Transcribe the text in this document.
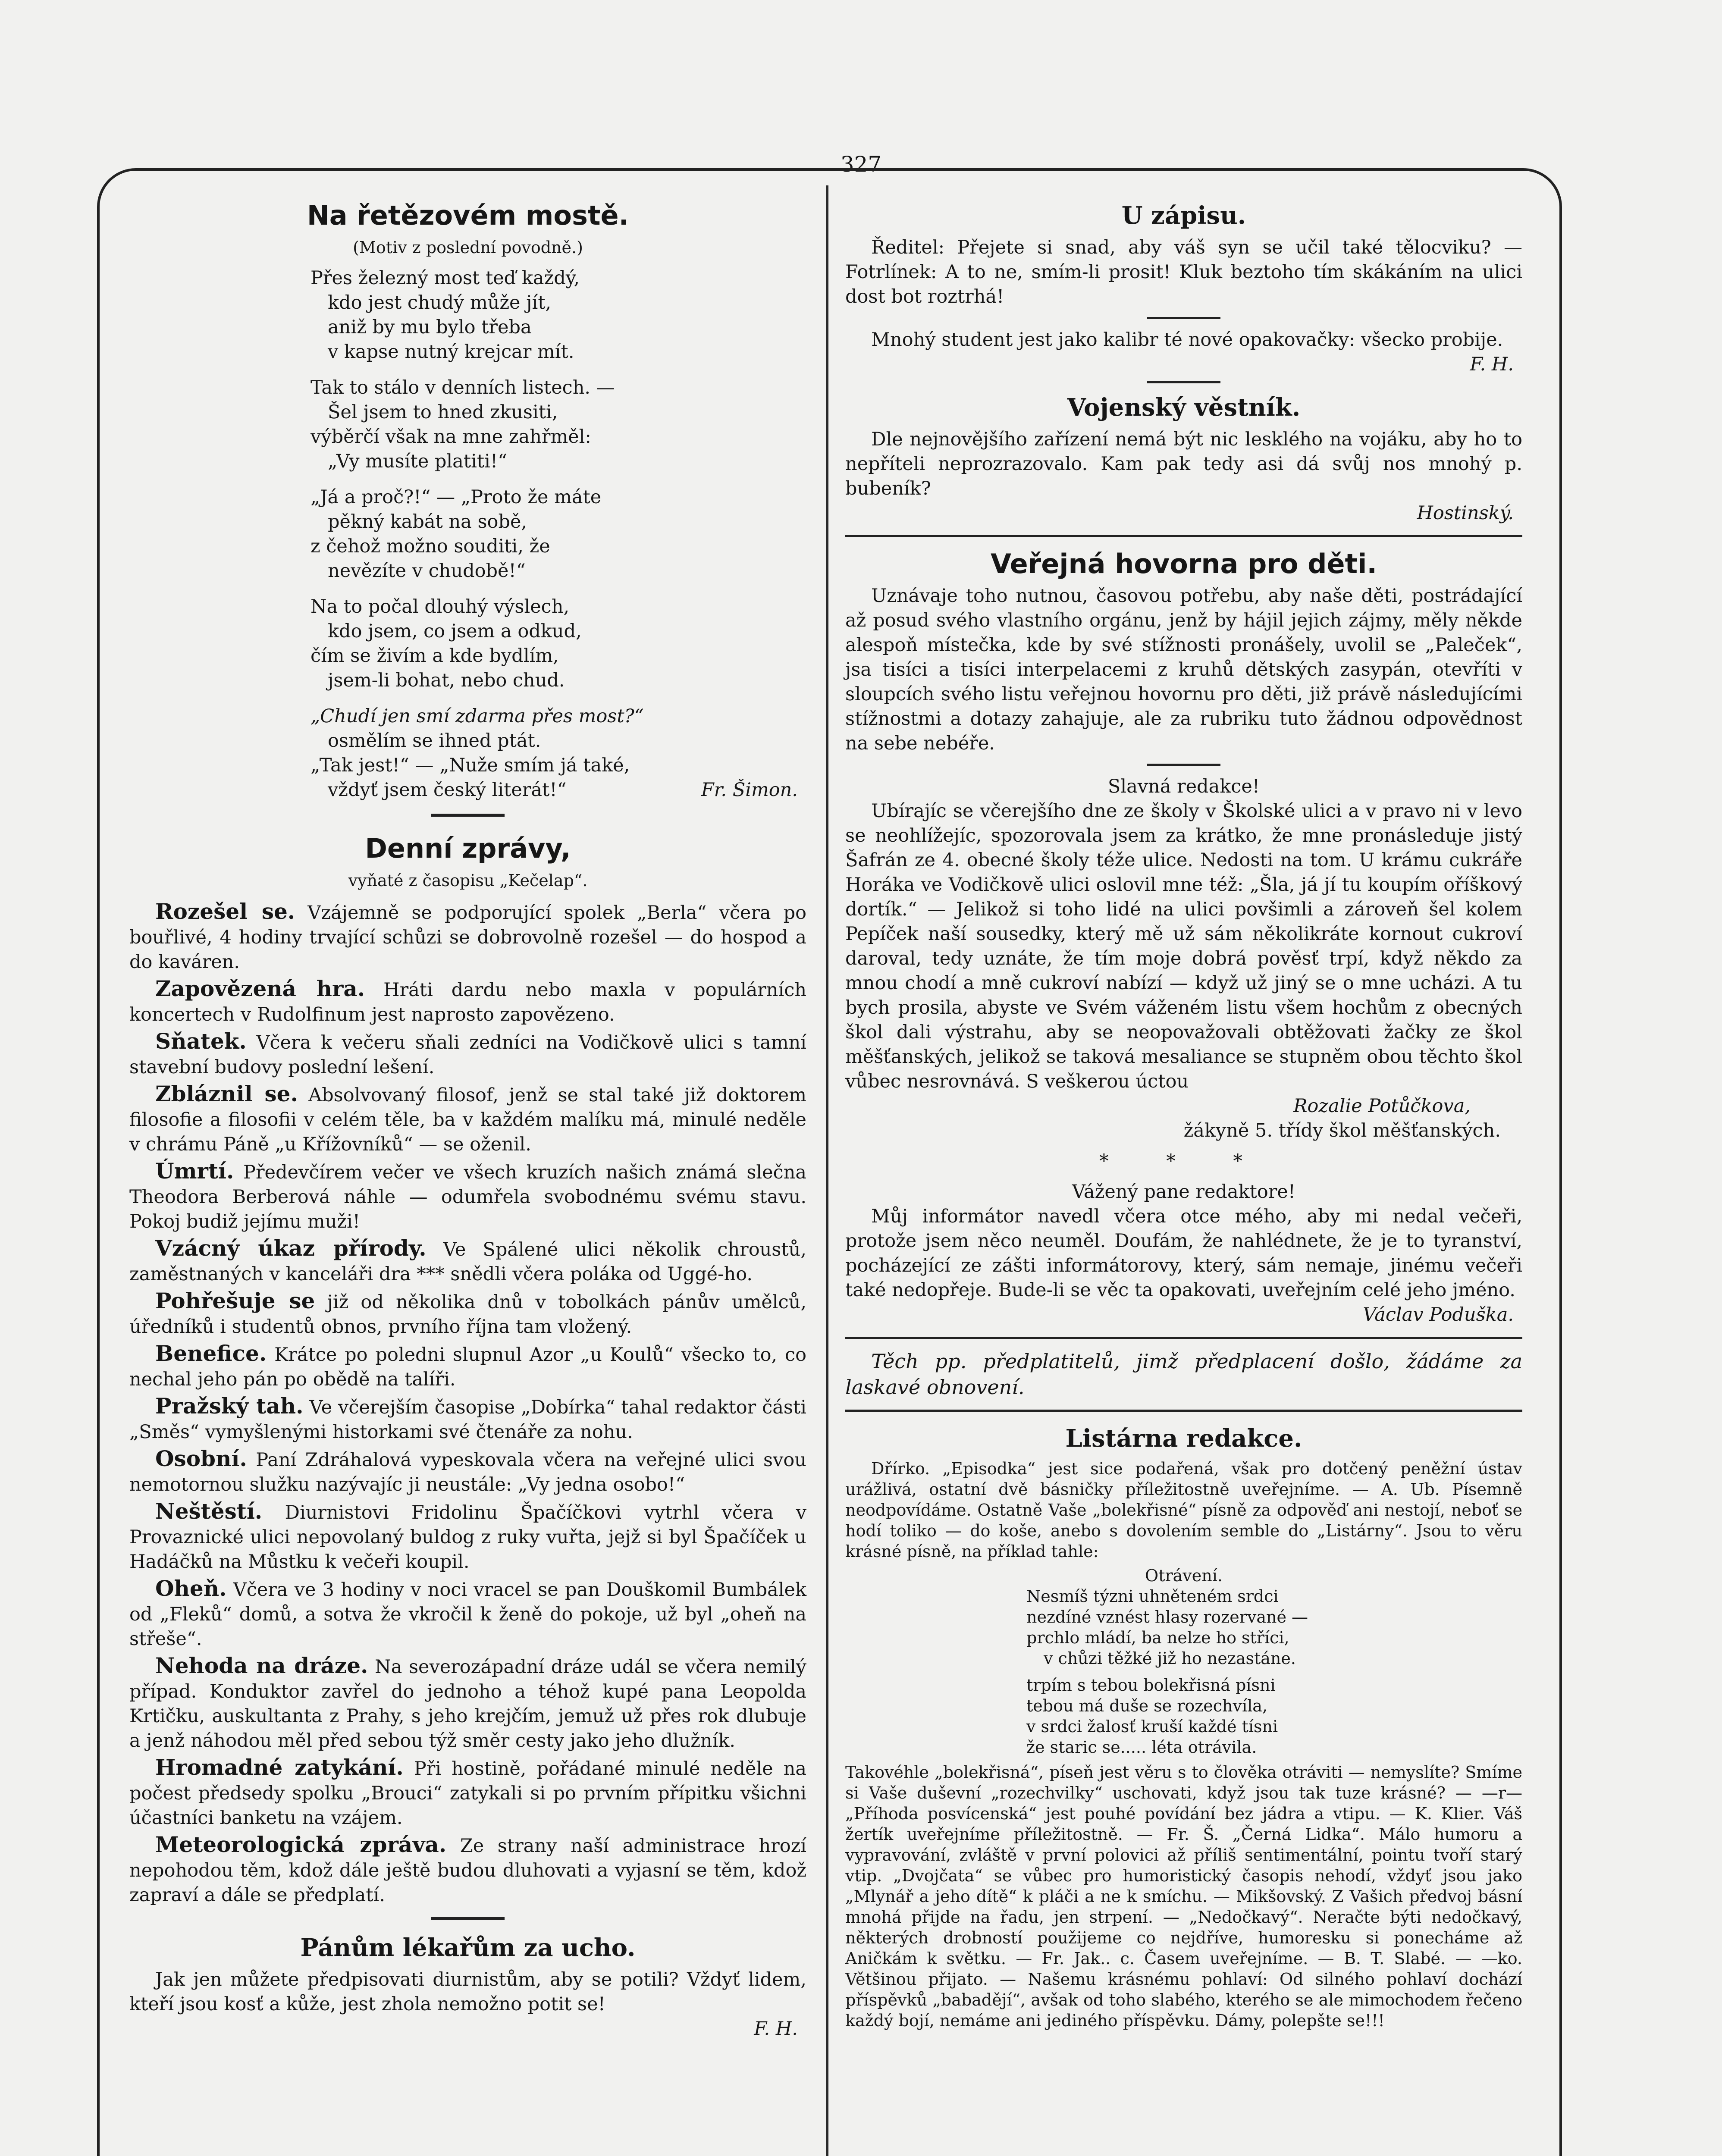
327
Na řetězovém mostě.
(Motiv z poslední povodně.)

Přes železný most teď každý,

kdo jest chudý může jít,

aniž by mu bylo třeba

v kapse nutný krejcar mít.

Tak to stálo v denních listech. —

Šel jsem to hned zkusiti,

výběrčí však na mne zahřměl:

„Vy musíte platiti!“

„Já a proč?!“ — „Proto že máte

pěkný kabát na sobě,

z čehož možno souditi, že

nevězíte v chudobě!“

Na to počal dlouhý výslech,

kdo jsem, co jsem a odkud,

čím se živím a kde bydlím,

jsem-li bohat, nebo chud.

„Chudí jen smí zdarma přes most?“

osmělím se ihned ptát.

„Tak jest!“ — „Nuže smím já také,

vždyť jsem český literát!“	Fr. Šimon.
Denní zprávy,
vyňaté z časopisu „Kečelap“.

Rozešel se. Vzájemně se podporující spolek „Berla“ včera po bouřlivé, 4 hodiny trvající schůzi se dobrovolně rozešel — do hospod a do kaváren.

Zapovězená hra. Hráti dardu nebo maxla v populárních koncertech v Rudolfinum jest naprosto zapovězeno.

Sňatek. Včera k večeru sňali zedníci na Vodičkově ulici s tamní stavební budovy poslední lešení.

Zbláznil se. Absolvovaný filosof, jenž se stal také již doktorem filosofie a filosofii v celém těle, ba v každém malíku má, minulé neděle v chrámu Páně „u Křížovníků“ — se oženil.

Úmrtí. Předevčírem večer ve všech kruzích našich známá slečna Theodora Berberová náhle — odumřela svobodnému svému stavu. Pokoj budiž jejímu muži!

Vzácný úkaz přírody. Ve Spálené ulici několik chroustů, zaměstnaných v kanceláři dra *** snědli včera poláka od Uggé-ho.

Pohřešuje se již od několika dnů v tobolkách pánův umělců, úředníků i studentů obnos, prvního října tam vložený.

Benefice. Krátce po poledni slupnul Azor „u Koulů“ všecko to, co nechal jeho pán po obědě na talíři.

Pražský tah. Ve včerejším časopise „Dobírka“ tahal redaktor části „Směs“ vymyšlenými historkami své čtenáře za nohu.

Osobní. Paní Zdráhalová vypeskovala včera na veřejné ulici svou nemotornou služku nazývajíc ji neustále: „Vy jedna osobo!“

Neštěstí. Diurnistovi Fridolinu Špačíčkovi vytrhl včera v Provaznické ulici nepovolaný buldog z ruky vuřta, jejž si byl Špačíček u Hadáčků na Můstku k večeři koupil.

Oheň. Včera ve 3 hodiny v noci vracel se pan Douškomil Bumbálek od „Fleků“ domů, a sotva že vkročil k ženě do pokoje, už byl „oheň na střeše“.

Nehoda na dráze. Na severozápadní dráze udál se včera nemilý případ. Konduktor zavřel do jednoho a téhož kupé pana Leopolda Krtičku, auskultanta z Prahy, s jeho krejčím, jemuž už přes rok dlubuje a jenž náhodou měl před sebou týž směr cesty jako jeho dlužník.

Hromadné zatykání. Při hostině, pořádané minulé neděle na počest předsedy spolku „Brouci“ zatykali si po prvním přípitku všichni účastníci banketu na vzájem.

Meteorologická zpráva. Ze strany naší administrace hrozí nepohodou těm, kdož dále ještě budou dluhovati a vyjasní se těm, kdož zapraví a dále se předplatí.

Pánům lékařům za ucho.

Jak jen můžete předpisovati diurnistům, aby se potili? Vždyť lidem, kteří jsou kosť a kůže, jest zhola nemožno potit se!

F. H.
U zápisu.

Ředitel: Přejete si snad, aby váš syn se učil také tělocviku? — Fotrlínek: A to ne, smím-li prosit! Kluk beztoho tím skákáním na ulici dost bot roztrhá!

Mnohý student jest jako kalibr té nové opakovačky: všecko probije.

F. H.
Vojenský věstník.

Dle nejnovějšího zařízení nemá být nic lesklého na vojáku, aby ho to nepříteli neprozrazovalo. Kam pak tedy asi dá svůj nos mnohý p. bubeník?

Hostinský.
Veřejná hovorna pro děti.

Uznávaje toho nutnou, časovou potřebu, aby naše děti, postrádající až posud svého vlastního orgánu, jenž by hájil jejich zájmy, měly někde alespoň místečka, kde by své stížnosti pronášely, uvolil se „Paleček“, jsa tisíci a tisíci interpelacemi z kruhů dětských zasypán, otevříti v sloupcích svého listu veřejnou hovornu pro děti, již právě následujícími stížnostmi a dotazy zahajuje, ale za rubriku tuto žádnou odpovědnost na sebe nebéře.

Slavná redakce!

Ubírajíc se včerejšího dne ze školy v Školské ulici a v pravo ni v levo se neohlížejíc, spozorovala jsem za krátko, že mne pronásleduje jistý Šafrán ze 4. obecné školy téže ulice. Nedosti na tom. U krámu cukráře Horáka ve Vodičkově ulici oslovil mne též: „Šla, já jí tu koupím oříškový dortík.“ — Jelikož si toho lidé na ulici povšimli a zároveň šel kolem Pepíček naší sousedky, který mě už sám několikráte kornout cukroví daroval, tedy uznáte, že tím moje dobrá pověsť trpí, když někdo za mnou chodí a mně cukroví nabízí — když už jiný se o mne ucházi. A tu bych prosila, abyste ve Svém váženém listu všem hochům z obecných škol dali výstrahu, aby se neopovažovali obtěžovati žačky ze škol měšťanských, jelikož se taková mesaliance se stupněm obou těchto škol vůbec nesrovnává. S veškerou úctou

Rozalie Potůčkova,
žákyně 5. třídy škol měšťanských.
* * *
Vážený pane redaktore!

Můj informátor navedl včera otce mého, aby mi nedal večeři, protože jsem něco neuměl. Doufám, že nahlédnete, že je to tyranství, pocházející ze zášti informátorovy, který, sám nemaje, jinému večeři také nedopřeje. Bude-li se věc ta opakovati, uveřejním celé jeho jméno.

Václav Poduška.

Těch pp. předplatitelů, jimž předplacení došlo, žádáme za laskavé obnovení.

Listárna redakce.

Dřírko. „Episodka“ jest sice podařená, však pro dotčený peněžní ústav urážlivá, ostatní dvě básničky příležitostně uveřejníme. — A. Ub. Písemně neodpovídáme. Ostatně Vaše „bolekřisné“ písně za odpověď ani nestojí, neboť se hodí toliko — do koše, anebo s dovolením semble do „Listárny“. Jsou to věru krásné písně, na příklad tahle:

Otrávení.

Nesmíš týzni uhněteném srdci

nezdíné vznést hlasy rozervané —

prchlo mládí, ba nelze ho stříci,

v chůzi těžké již ho nezastáne.

trpím s tebou bolekřisná písni

tebou má duše se rozechvíla,

v srdci žalosť kruší každé tísni

že staric se..... léta otrávila.

Takovéhle „bolekřisná“, píseň jest věru s to člověka otráviti — nemyslíte? Smíme si Vaše duševní „rozechvilky“ uschovati, když jsou tak tuze krásné? — —r— „Příhoda posvícenská“ jest pouhé povídání bez jádra a vtipu. — K. Klier. Váš žertík uveřejníme příležitostně. — Fr. Š. „Černá Lidka“. Málo humoru a vypravování, zvláště v první polovici až příliš sentimentální, pointu tvoří starý vtip. „Dvojčata“ se vůbec pro humoristický časopis nehodí, vždyť jsou jako „Mlynář a jeho dítě“ k pláči a ne k smíchu. — Mikšovský. Z Vašich předvoj básní mnohá přijde na řadu, jen strpení. — „Nedočkavý“. Neračte býti nedočkavý, některých drobností použijeme co nejdříve, humoresku si ponecháme až Aničkám k světku. — Fr. Jak.. c. Časem uveřejníme. — B. T. Slabé. — —ko. Většinou přijato. — Našemu krásnému pohlaví: Od silného pohlaví dochází příspěvků „babadějí“, avšak od toho slabého, kterého se ale mimochodem řečeno každý bojí, nemáme ani jediného příspěvku. Dámy, polepšte se!!!
